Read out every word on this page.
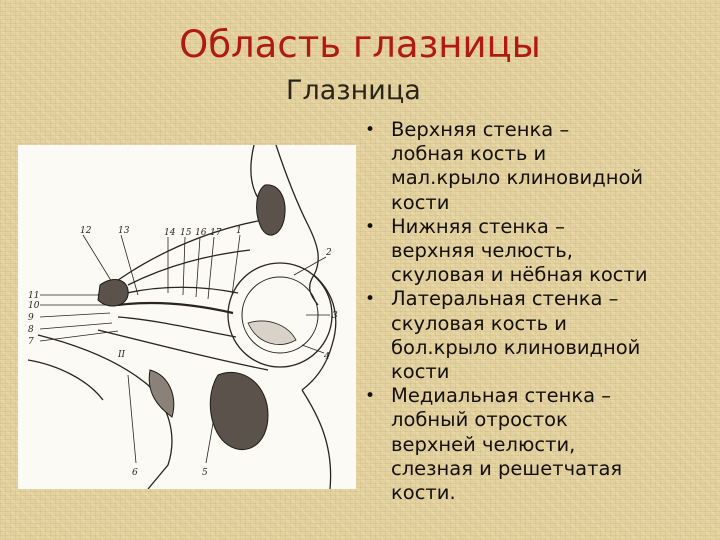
Область глазницы
Глазница
12	13	14 15 16 17 1
11
10
9
8
7
II
6	5
2
3
4
• Верхняя стенка –
лобная кость и
мал.крыло клиновидной
кости
• Нижняя стенка –
верхняя челюсть,
скуловая и нёбная кости
• Латеральная стенка –
скуловая кость и
бол.крыло клиновидной
кости
• Медиальная стенка –
лобный отросток
верхней челюсти,
слезная и решетчатая
кости.
